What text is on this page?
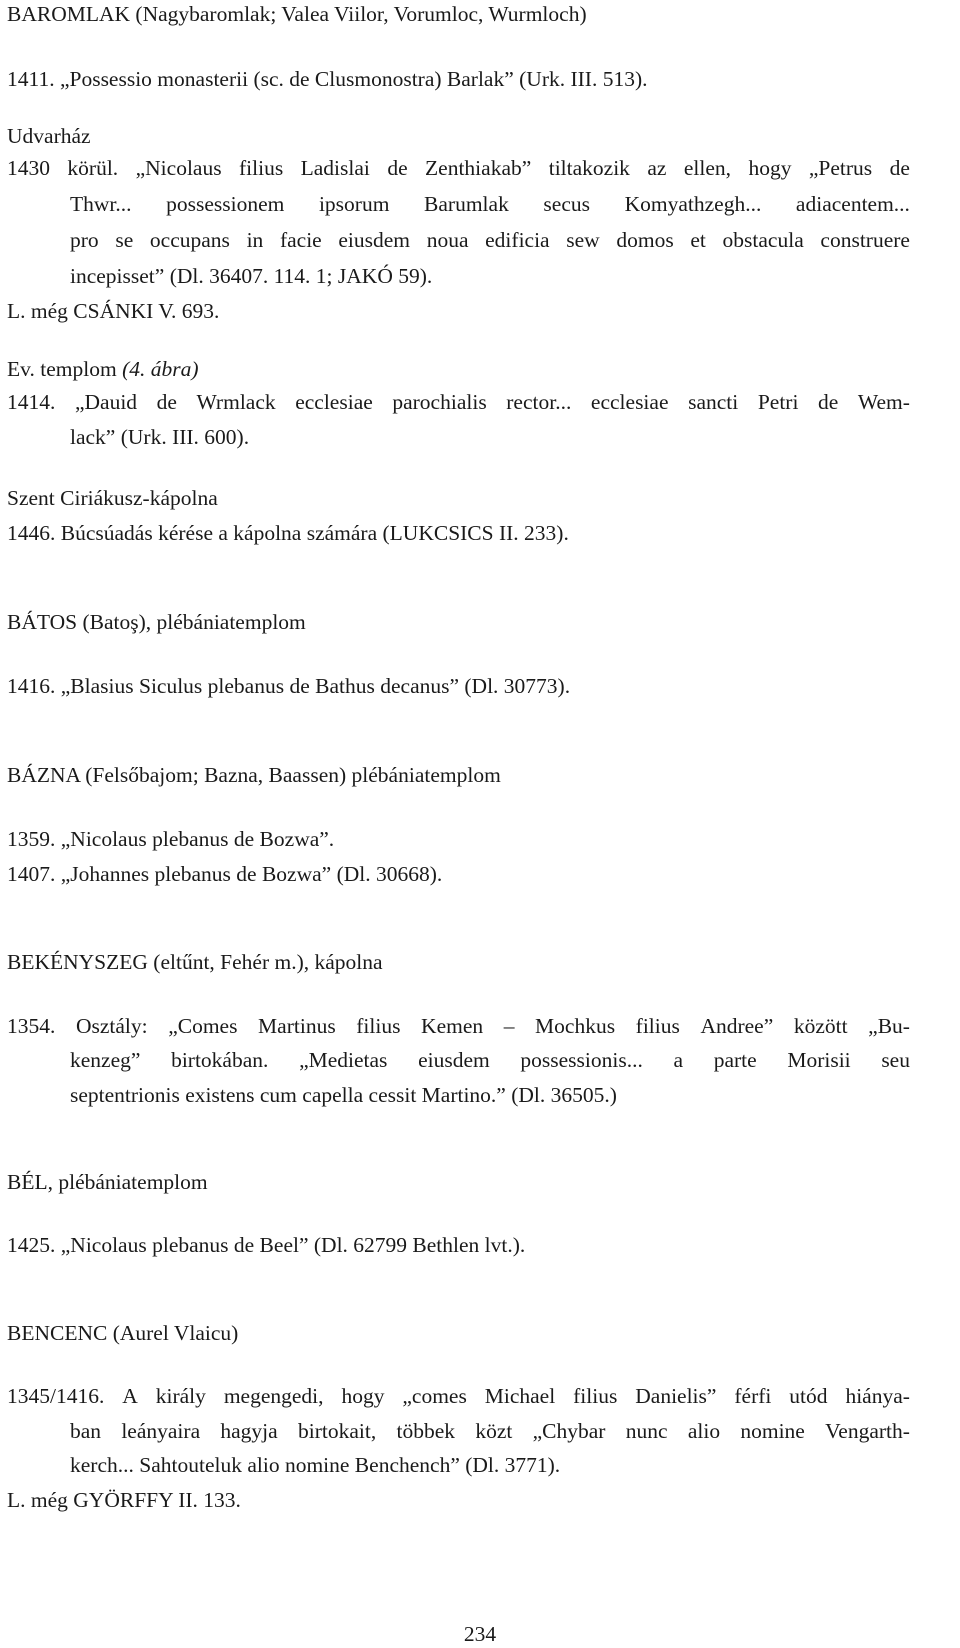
BAROMLAK (Nagybaromlak; Valea Viilor, Vorumloc, Wurmloch)
1411. „Possessio monasterii (sc. de Clusmonostra) Barlak” (Urk. III. 513).
Udvarház
1430 körül. „Nicolaus filius Ladislai de Zenthiakab” tiltakozik az ellen, hogy „Petrus de
Thwr... possessionem ipsorum Barumlak secus Komyathzegh... adiacentem...
pro se occupans in facie eiusdem noua edificia sew domos et obstacula construere
incepisset” (Dl. 36407. 114. 1; JAKÓ 59).
L. még CSÁNKI V. 693.
Ev. templom (4. ábra)
1414. „Dauid de Wrmlack ecclesiae parochialis rector... ecclesiae sancti Petri de Wem-
lack” (Urk. III. 600).
Szent Ciriákusz-kápolna
1446. Búcsúadás kérése a kápolna számára (LUKCSICS II. 233).
BÁTOS (Batoş), plébániatemplom
1416. „Blasius Siculus plebanus de Bathus decanus” (Dl. 30773).
BÁZNA (Felsőbajom; Bazna, Baassen) plébániatemplom
1359. „Nicolaus plebanus de Bozwa”.
1407. „Johannes plebanus de Bozwa” (Dl. 30668).
BEKÉNYSZEG (eltűnt, Fehér m.), kápolna
1354. Osztály: „Comes Martinus filius Kemen – Mochkus filius Andree” között „Bu-
kenzeg” birtokában. „Medietas eiusdem possessionis... a parte Morisii seu
septentrionis existens cum capella cessit Martino.” (Dl. 36505.)
BÉL, plébániatemplom
1425. „Nicolaus plebanus de Beel” (Dl. 62799 Bethlen lvt.).
BENCENC (Aurel Vlaicu)
1345/1416. A király megengedi, hogy „comes Michael filius Danielis” férfi utód hiánya-
ban leányaira hagyja birtokait, többek közt „Chybar nunc alio nomine Vengarth-
kerch... Sahtouteluk alio nomine Benchench” (Dl. 3771).
L. még GYÖRFFY II. 133.
234
